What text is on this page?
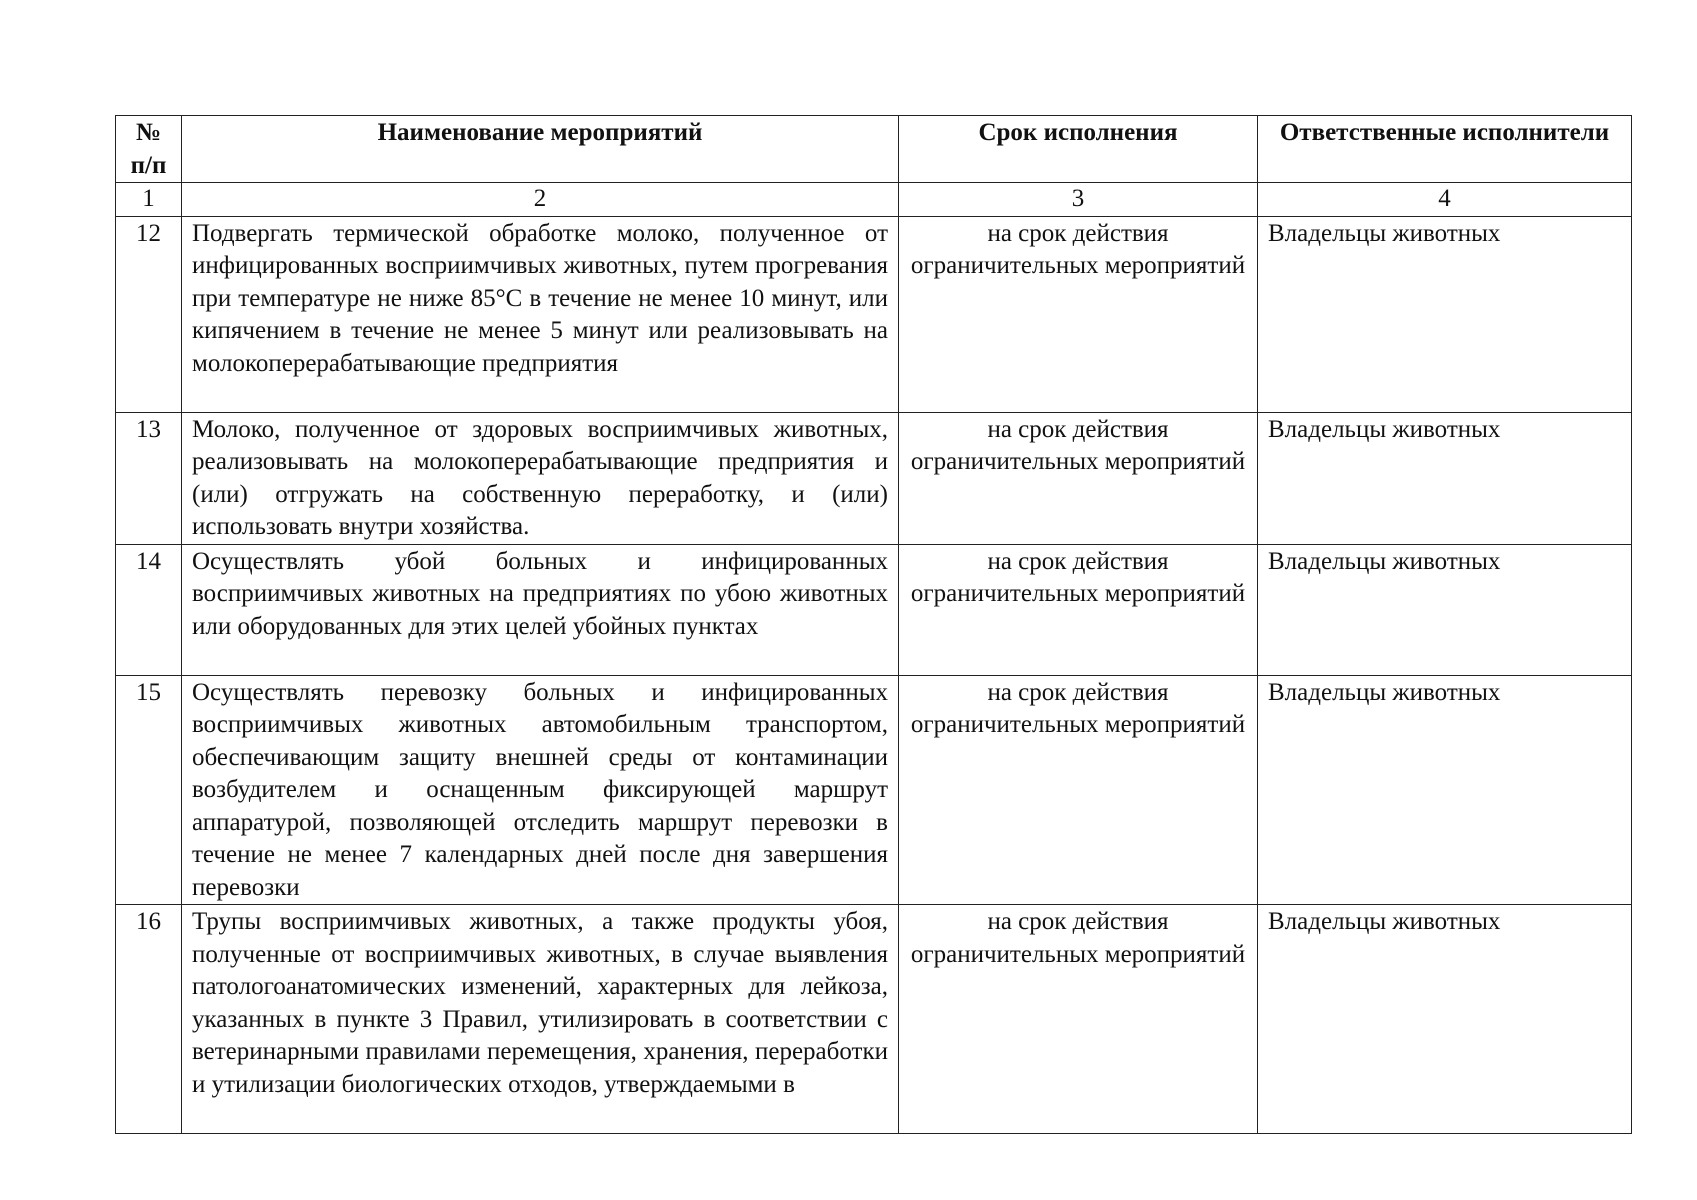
№ п/п	Наименование мероприятий	Срок исполнения	Ответственные исполнители
1	2	3	4
12	Подвергать термической обработке молоко, полученное от инфицированных восприимчивых животных, путем прогревания при температуре не ниже 85°C в течение не менее 10 минут, или кипячением в течение не менее 5 минут или реализовывать на молокоперерабатывающие предприятия	на срок действия ограничительных мероприятий	Владельцы животных
13	Молоко, полученное от здоровых восприимчивых животных, реализовывать на молокоперерабатывающие предприятия и (или) отгружать на собственную переработку, и (или) использовать внутри хозяйства.	на срок действия ограничительных мероприятий	Владельцы животных
14	Осуществлять убой больных и инфицированных восприимчивых животных на предприятиях по убою животных или оборудованных для этих целей убойных пунктах	на срок действия ограничительных мероприятий	Владельцы животных
15	Осуществлять перевозку больных и инфицированных восприимчивых животных автомобильным транспортом, обеспечивающим защиту внешней среды от контаминации возбудителем и оснащенным фиксирующей маршрут аппаратурой, позволяющей отследить маршрут перевозки в течение не менее 7 календарных дней после дня завершения перевозки	на срок действия ограничительных мероприятий	Владельцы животных
16	Трупы восприимчивых животных, а также продукты убоя, полученные от восприимчивых животных, в случае выявления патологоанатомических изменений, характерных для лейкоза, указанных в пункте 3 Правил, утилизировать в соответствии с ветеринарными правилами перемещения, хранения, переработки и утилизации биологических отходов, утверждаемыми в	на срок действия ограничительных мероприятий	Владельцы животных
